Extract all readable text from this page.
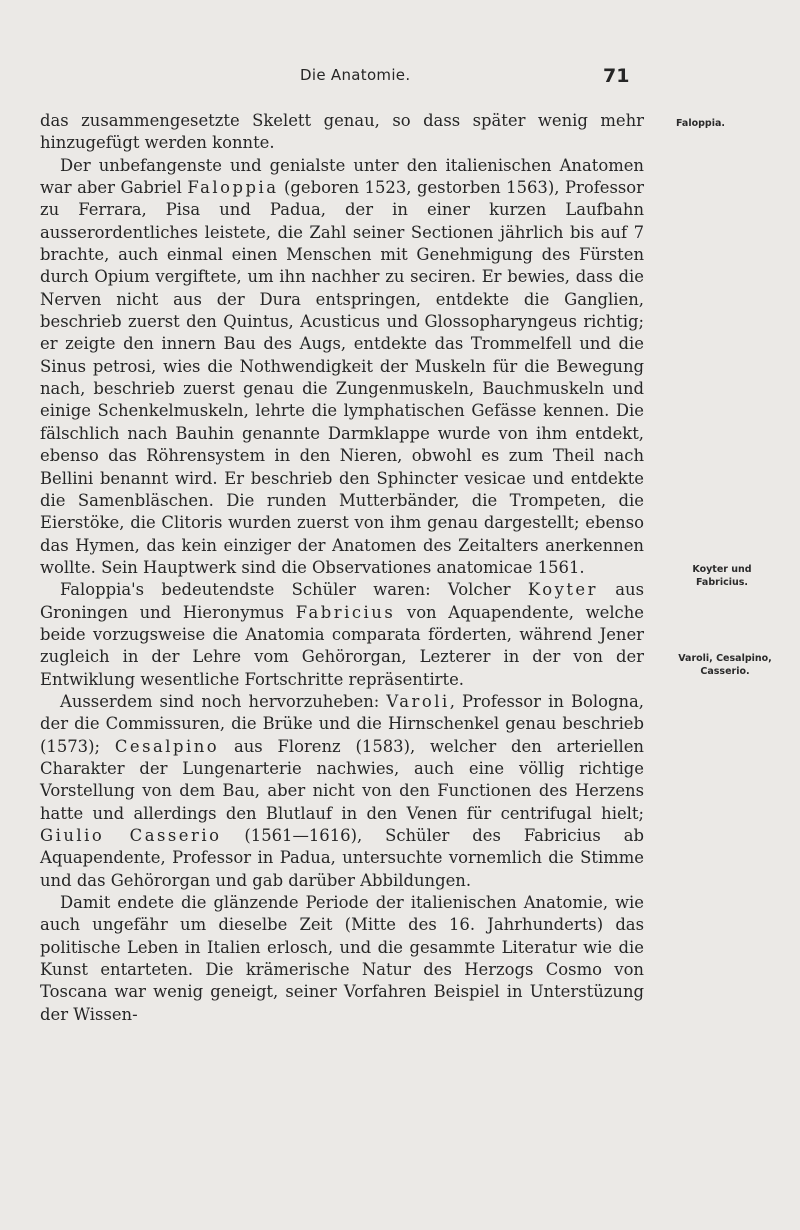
Die Anatomie.	71

das zusammengesetzte Skelett genau, so dass später wenig mehr hinzugefügt werden konnte.

Der unbefangenste und genialste unter den italienischen Anatomen war aber Gabriel Faloppia (geboren 1523, gestorben 1563), Professor zu Ferrara, Pisa und Padua, der in einer kurzen Laufbahn ausserordentliches leistete, die Zahl seiner Sectionen jährlich bis auf 7 brachte, auch einmal einen Menschen mit Genehmigung des Fürsten durch Opium vergiftete, um ihn nachher zu seciren. Er bewies, dass die Nerven nicht aus der Dura entspringen, entdekte die Ganglien, beschrieb zuerst den Quintus, Acusticus und Glossopharyngeus richtig; er zeigte den innern Bau des Augs, entdekte das Trommelfell und die Sinus petrosi, wies die Nothwendigkeit der Muskeln für die Bewegung nach, beschrieb zuerst genau die Zungenmuskeln, Bauchmuskeln und einige Schenkelmuskeln, lehrte die lymphatischen Gefässe kennen. Die fälschlich nach Bauhin genannte Darmklappe wurde von ihm entdekt, ebenso das Röhrensystem in den Nieren, obwohl es zum Theil nach Bellini benannt wird. Er beschrieb den Sphincter vesicae und entdekte die Samenbläschen. Die runden Mutterbänder, die Trompeten, die Eierstöke, die Clitoris wurden zuerst von ihm genau dargestellt; ebenso das Hymen, das kein einziger der Anatomen des Zeitalters anerkennen wollte. Sein Hauptwerk sind die Observationes anatomicae 1561.

Faloppia's bedeutendste Schüler waren: Volcher Koyter aus Groningen und Hieronymus Fabricius von Aquapendente, welche beide vorzugsweise die Anatomia comparata förderten, während Jener zugleich in der Lehre vom Gehörorgan, Lezterer in der von der Entwiklung wesentliche Fortschritte repräsentirte.

Ausserdem sind noch hervorzuheben: Varoli, Professor in Bologna, der die Commissuren, die Brüke und die Hirnschenkel genau beschrieb (1573); Cesalpino aus Florenz (1583), welcher den arteriellen Charakter der Lungenarterie nachwies, auch eine völlig richtige Vorstellung von dem Bau, aber nicht von den Functionen des Herzens hatte und allerdings den Blutlauf in den Venen für centrifugal hielt; Giulio Casserio (1561—1616), Schüler des Fabricius ab Aquapendente, Professor in Padua, untersuchte vornemlich die Stimme und das Gehörorgan und gab darüber Abbildungen.

Damit endete die glänzende Periode der italienischen Anatomie, wie auch ungefähr um dieselbe Zeit (Mitte des 16. Jahrhunderts) das politische Leben in Italien erlosch, und die gesammte Literatur wie die Kunst entarteten. Die krämerische Natur des Herzogs Cosmo von Toscana war wenig geneigt, seiner Vorfahren Beispiel in Unterstüzung der Wissen-

Faloppia.
Koyter und
Fabricius.
Varoli, Cesalpino,
Casserio.
